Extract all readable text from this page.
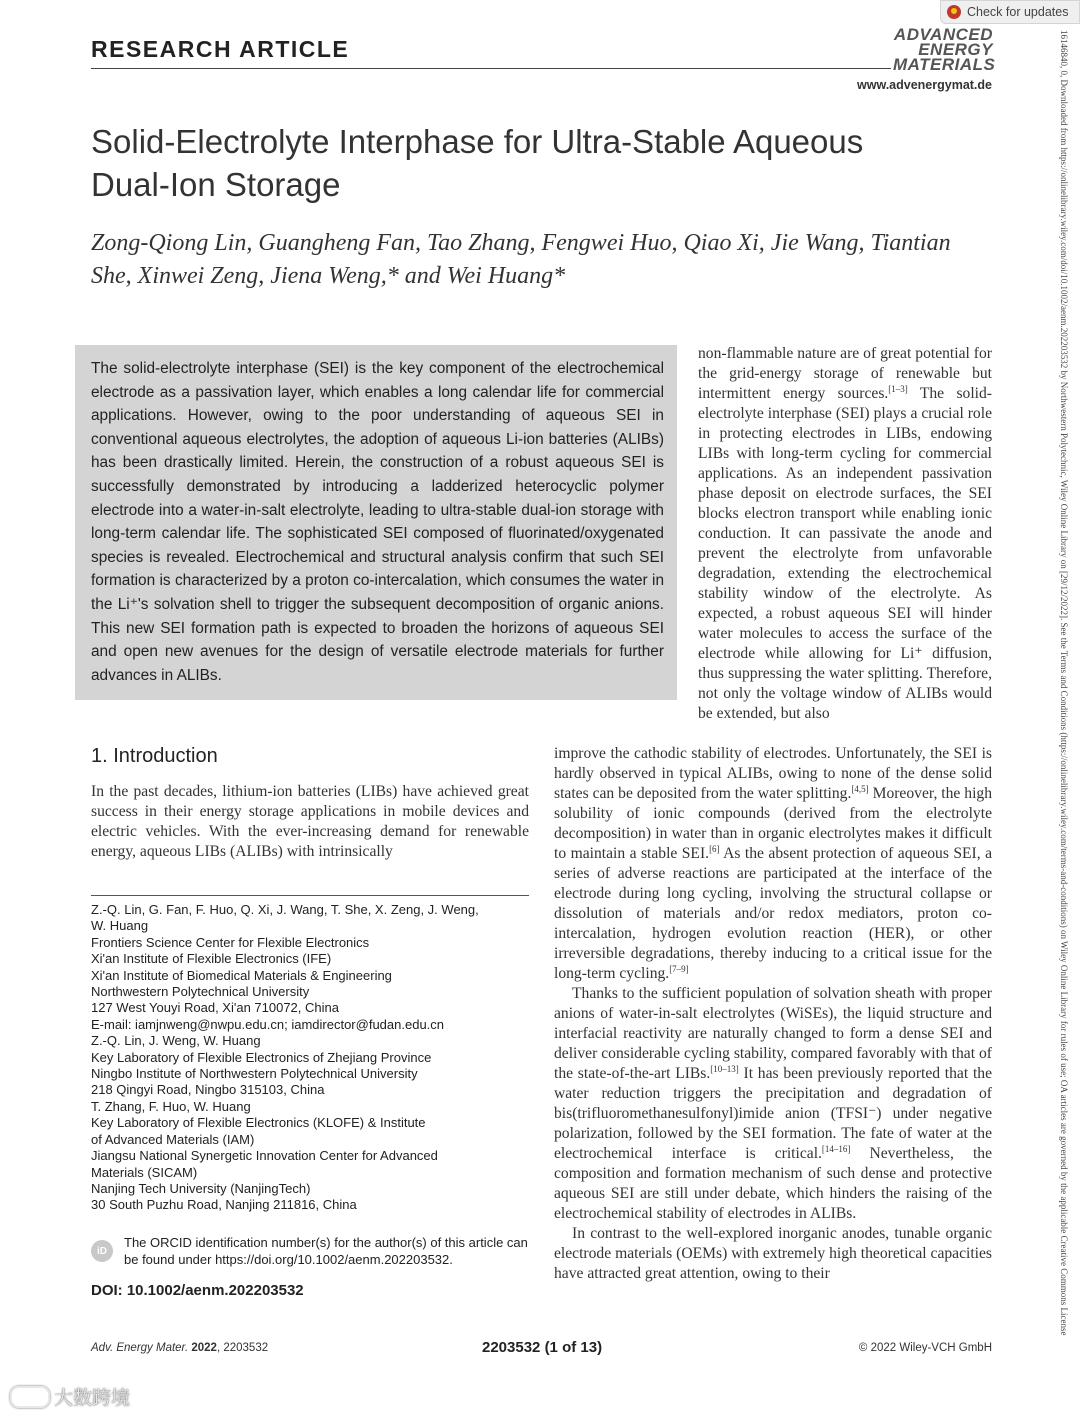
RESEARCH ARTICLE
ADVANCED
ENERGY
MATERIALS
www.advenergymat.de
Check for updates
Solid-Electrolyte Interphase for Ultra-Stable Aqueous Dual-Ion Storage
Zong-Qiong Lin, Guangheng Fan, Tao Zhang, Fengwei Huo, Qiao Xi, Jie Wang, Tiantian She, Xinwei Zeng, Jiena Weng,* and Wei Huang*
The solid-electrolyte interphase (SEI) is the key component of the electrochemical electrode as a passivation layer, which enables a long calendar life for commercial applications. However, owing to the poor understanding of aqueous SEI in conventional aqueous electrolytes, the adoption of aqueous Li-ion batteries (ALIBs) has been drastically limited. Herein, the construction of a robust aqueous SEI is successfully demonstrated by introducing a ladderized heterocyclic polymer electrode into a water-in-salt electrolyte, leading to ultra-stable dual-ion storage with long-term calendar life. The sophisticated SEI composed of fluorinated/oxygenated species is revealed. Electrochemical and structural analysis confirm that such SEI formation is characterized by a proton co-intercalation, which consumes the water in the Li⁺'s solvation shell to trigger the subsequent decomposition of organic anions. This new SEI formation path is expected to broaden the horizons of aqueous SEI and open new avenues for the design of versatile electrode materials for further advances in ALIBs.
non-flammable nature are of great potential for the grid-energy storage of renewable but intermittent energy sources.[1–3] The solid-electrolyte interphase (SEI) plays a crucial role in protecting electrodes in LIBs, endowing LIBs with long-term cycling for commercial applications. As an independent passivation phase deposit on electrode surfaces, the SEI blocks electron transport while enabling ionic conduction. It can passivate the anode and prevent the electrolyte from unfavorable degradation, extending the electrochemical stability window of the electrolyte. As expected, a robust aqueous SEI will hinder water molecules to access the surface of the electrode while allowing for Li⁺ diffusion, thus suppressing the water splitting. Therefore, not only the voltage window of ALIBs would be extended, but also
1. Introduction
In the past decades, lithium-ion batteries (LIBs) have achieved great success in their energy storage applications in mobile devices and electric vehicles. With the ever-increasing demand for renewable energy, aqueous LIBs (ALIBs) with intrinsically

improve the cathodic stability of electrodes. Unfortunately, the SEI is hardly observed in typical ALIBs, owing to none of the dense solid states can be deposited from the water splitting.[4,5] Moreover, the high solubility of ionic compounds (derived from the electrolyte decomposition) in water than in organic electrolytes makes it difficult to maintain a stable SEI.[6] As the absent protection of aqueous SEI, a series of adverse reactions are participated at the interface of the electrode during long cycling, involving the structural collapse or dissolution of materials and/or redox mediators, proton co-intercalation, hydrogen evolution reaction (HER), or other irreversible degradations, thereby inducing to a critical issue for the long-term cycling.[7–9]

Thanks to the sufficient population of solvation sheath with proper anions of water-in-salt electrolytes (WiSEs), the liquid structure and interfacial reactivity are naturally changed to form a dense SEI and deliver considerable cycling stability, compared favorably with that of the state-of-the-art LIBs.[10–13] It has been previously reported that the water reduction triggers the precipitation and degradation of bis(trifluoromethanesulfonyl)imide anion (TFSI⁻) under negative polarization, followed by the SEI formation. The fate of water at the electrochemical interface is critical.[14–16] Nevertheless, the composition and formation mechanism of such dense and protective aqueous SEI are still under debate, which hinders the raising of the electrochemical stability of electrodes in ALIBs.

In contrast to the well-explored inorganic anodes, tunable organic electrode materials (OEMs) with extremely high theoretical capacities have attracted great attention, owing to their

Z.-Q. Lin, G. Fan, F. Huo, Q. Xi, J. Wang, T. She, X. Zeng, J. Weng,
W. Huang
Frontiers Science Center for Flexible Electronics
Xi'an Institute of Flexible Electronics (IFE)
Xi'an Institute of Biomedical Materials & Engineering
Northwestern Polytechnical University
127 West Youyi Road, Xi'an 710072, China
E-mail: iamjnweng@nwpu.edu.cn; iamdirector@fudan.edu.cn
Z.-Q. Lin, J. Weng, W. Huang
Key Laboratory of Flexible Electronics of Zhejiang Province
Ningbo Institute of Northwestern Polytechnical University
218 Qingyi Road, Ningbo 315103, China
T. Zhang, F. Huo, W. Huang
Key Laboratory of Flexible Electronics (KLOFE) & Institute
of Advanced Materials (IAM)
Jiangsu National Synergetic Innovation Center for Advanced
Materials (SICAM)
Nanjing Tech University (NanjingTech)
30 South Puzhu Road, Nanjing 211816, China
iD
The ORCID identification number(s) for the author(s) of this article can be found under https://doi.org/10.1002/aenm.202203532.
DOI: 10.1002/aenm.202203532
Adv. Energy Mater. 2022, 2203532	2203532 (1 of 13)	© 2022 Wiley-VCH GmbH
16146840, 0, Downloaded from https://onlinelibrary.wiley.com/doi/10.1002/aenm.202203532 by Northwestern Polytechnic, Wiley Online Library on [29/12/2022]. See the Terms and Conditions (https://onlinelibrary.wiley.com/terms-and-conditions) on Wiley Online Library for rules of use; OA articles are governed by the applicable Creative Commons License
大数跨境
